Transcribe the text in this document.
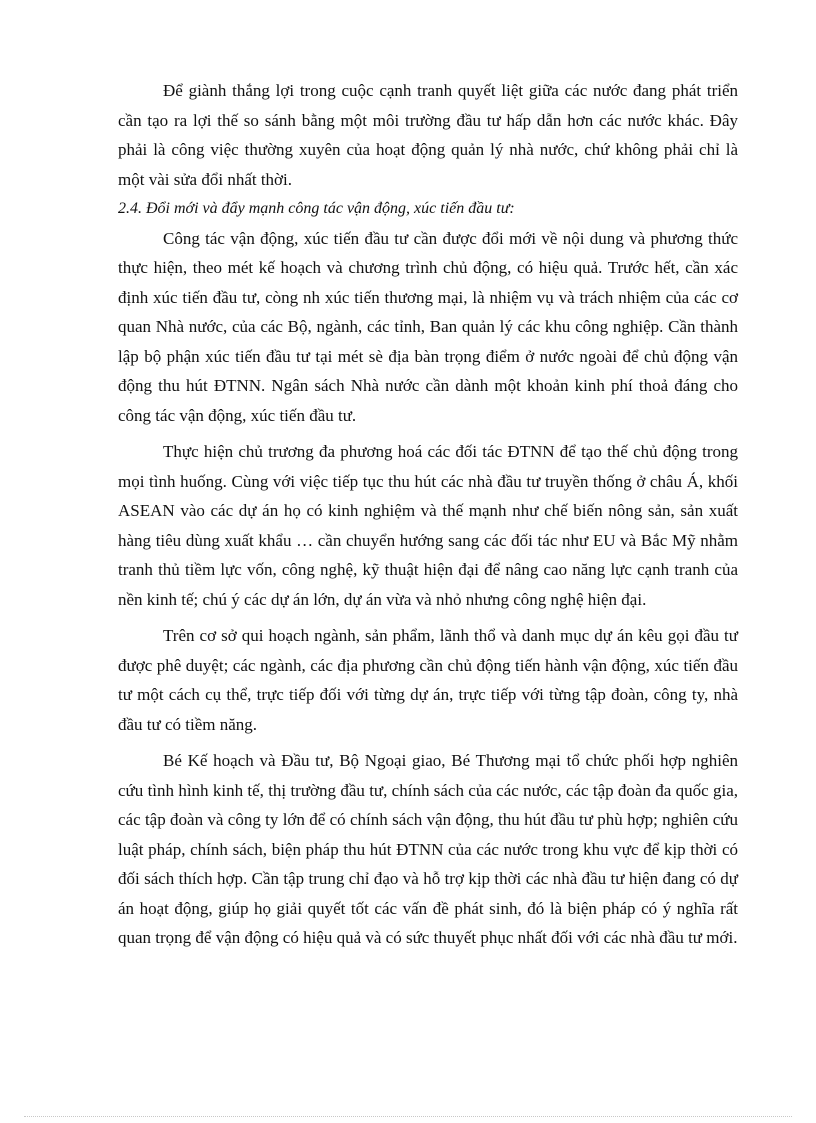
Để giành thắng lợi trong cuộc cạnh tranh quyết liệt giữa các nước đang phát triển cần tạo ra lợi thế so sánh bằng một môi trường đầu tư hấp dẫn hơn các nước khác. Đây phải là công việc thường xuyên của hoạt động quản lý nhà nước, chứ không phải chỉ là một vài sửa đổi nhất thời.

2.4. Đổi mới và đẩy mạnh công tác vận động, xúc tiến đầu tư:

Công tác vận động, xúc tiến đầu tư cần được đổi mới về nội dung và phương thức thực hiện, theo mét kế hoạch và chương trình chủ động, có hiệu quả. Trước hết, cần xác định xúc tiến đầu tư, còng nh xúc tiến thương mại, là nhiệm vụ và trách nhiệm của các cơ quan Nhà nước, của các Bộ, ngành, các tỉnh, Ban quản lý các khu công nghiệp. Cần thành lập bộ phận xúc tiến đầu tư tại mét sè địa bàn trọng điểm ở nước ngoài để chủ động vận động thu hút ĐTNN. Ngân sách Nhà nước cần dành một khoản kinh phí thoả đáng cho công tác vận động, xúc tiến đầu tư.

Thực hiện chủ trương đa phương hoá các đối tác ĐTNN để tạo thế chủ động trong mọi tình huống. Cùng với việc tiếp tục thu hút các nhà đầu tư truyền thống ở châu Á, khối ASEAN vào các dự án họ có kinh nghiệm và thế mạnh như chế biến nông sản, sản xuất hàng tiêu dùng xuất khẩu … cần chuyển hướng sang các đối tác như EU và Bắc Mỹ nhằm tranh thủ tiềm lực vốn, công nghệ, kỹ thuật hiện đại để nâng cao năng lực cạnh tranh của nền kinh tế; chú ý các dự án lớn, dự án vừa và nhỏ nhưng công nghệ hiện đại.

Trên cơ sở qui hoạch ngành, sản phẩm, lãnh thổ và danh mục dự án kêu gọi đầu tư được phê duyệt; các ngành, các địa phương cần chủ động tiến hành vận động, xúc tiến đầu tư một cách cụ thể, trực tiếp đối với từng dự án, trực tiếp với từng tập đoàn, công ty, nhà đầu tư có tiềm năng.

Bé Kế hoạch và Đầu tư, Bộ Ngoại giao, Bé Thương mại tổ chức phối hợp nghiên cứu tình hình kinh tế, thị trường đầu tư, chính sách của các nước, các tập đoàn đa quốc gia, các tập đoàn và công ty lớn để có chính sách vận động, thu hút đầu tư phù hợp; nghiên cứu luật pháp, chính sách, biện pháp thu hút ĐTNN của các nước trong khu vực để kịp thời có đối sách thích hợp. Cần tập trung chỉ đạo và hỗ trợ kịp thời các nhà đầu tư hiện đang có dự án hoạt động, giúp họ giải quyết tốt các vấn đề phát sinh, đó là biện pháp có ý nghĩa rất quan trọng để vận động có hiệu quả và có sức thuyết phục nhất đối với các nhà đầu tư mới.
